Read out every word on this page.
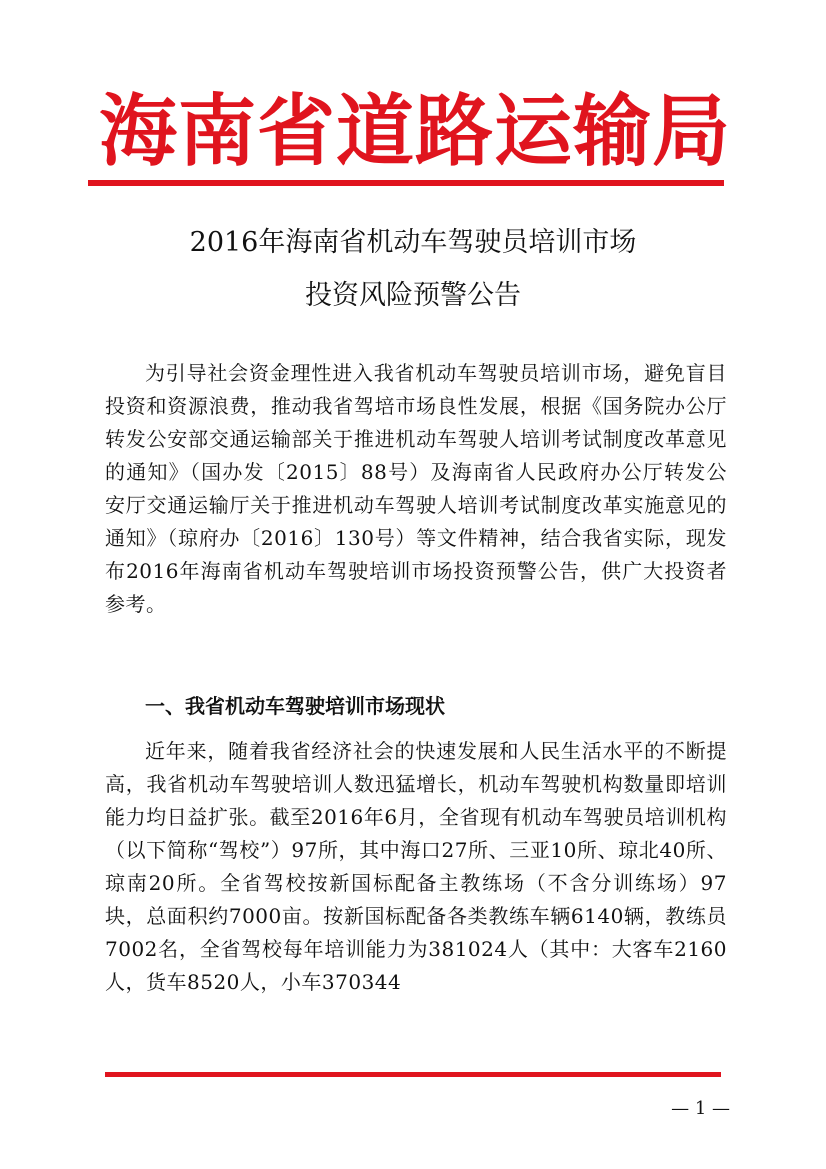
海南省道路运输局
2016年海南省机动车驾驶员培训市场
投资风险预警公告

为引导社会资金理性进入我省机动车驾驶员培训市场，避免盲目投资和资源浪费，推动我省驾培市场良性发展，根据《国务院办公厅转发公安部交通运输部关于推进机动车驾驶人培训考试制度改革意见的通知》（国办发〔2015〕88号）及海南省人民政府办公厅转发公安厅交通运输厅关于推进机动车驾驶人培训考试制度改革实施意见的通知》（琼府办〔2016〕130号）等文件精神，结合我省实际，现发布2016年海南省机动车驾驶培训市场投资预警公告，供广大投资者参考。

一、我省机动车驾驶培训市场现状

近年来，随着我省经济社会的快速发展和人民生活水平的不断提高，我省机动车驾驶培训人数迅猛增长，机动车驾驶机构数量即培训能力均日益扩张。截至2016年6月，全省现有机动车驾驶员培训机构（以下简称“驾校”）97所，其中海口27所、三亚10所、琼北40所、琼南20所。全省驾校按新国标配备主教练场（不含分训练场）97块，总面积约7000亩。按新国标配备各类教练车辆6140辆，教练员7002名，全省驾校每年培训能力为381024人（其中：大客车2160人，货车8520人，小车370344

— 1 —
